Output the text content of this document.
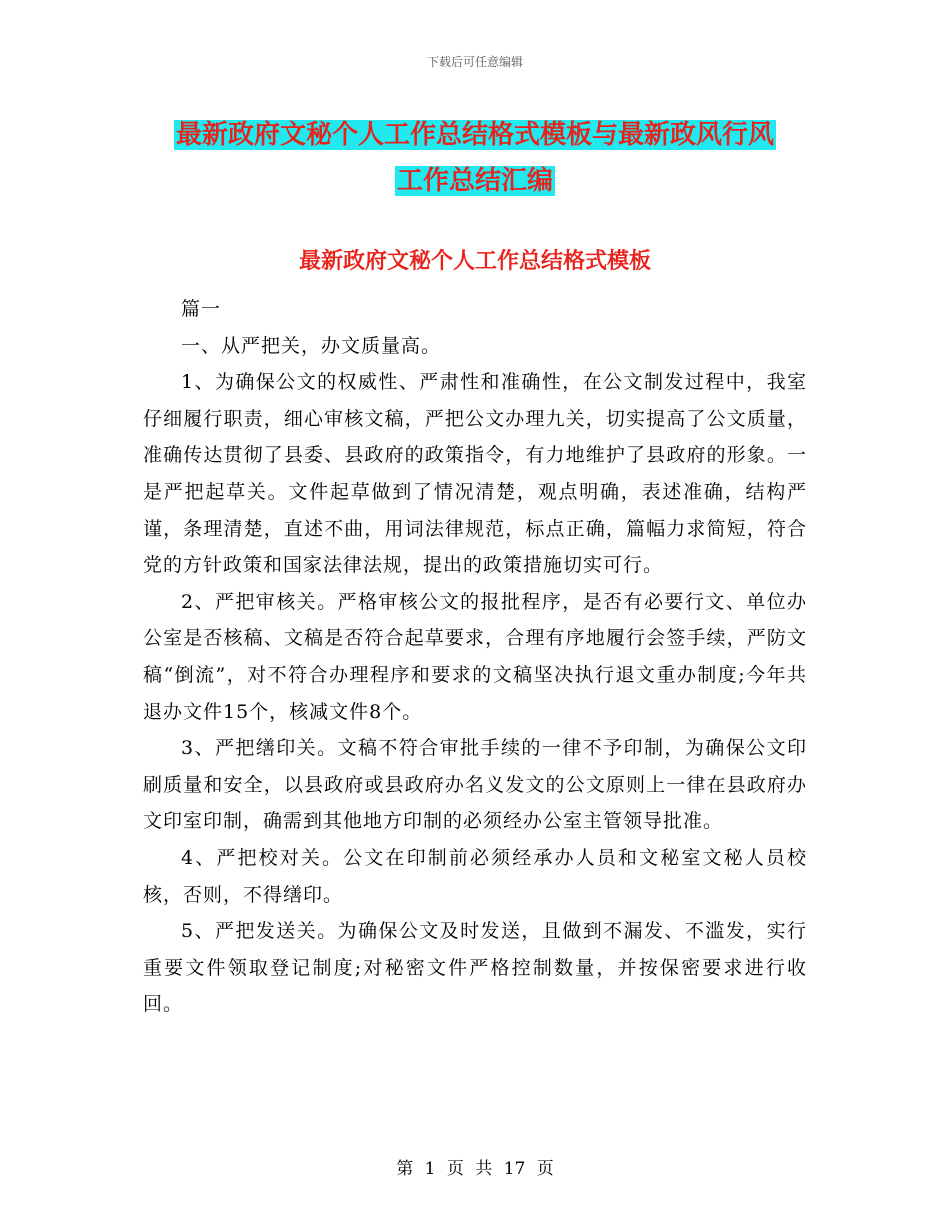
下载后可任意编辑
最新政府文秘个人工作总结格式模板与最新政风行风
工作总结汇编
最新政府文秘个人工作总结格式模板

篇一

一、从严把关，办文质量高。

1、为确保公文的权威性、严肃性和准确性，在公文制发过程中，我室仔细履行职责，细心审核文稿，严把公文办理九关，切实提高了公文质量，准确传达贯彻了县委、县政府的政策指令，有力地维护了县政府的形象。一是严把起草关。文件起草做到了情况清楚，观点明确，表述准确，结构严谨，条理清楚，直述不曲，用词法律规范，标点正确，篇幅力求简短，符合党的方针政策和国家法律法规，提出的政策措施切实可行。

2、严把审核关。严格审核公文的报批程序，是否有必要行文、单位办公室是否核稿、文稿是否符合起草要求，合理有序地履行会签手续，严防文稿“倒流”，对不符合办理程序和要求的文稿坚决执行退文重办制度;今年共退办文件15个，核减文件8个。

3、严把缮印关。文稿不符合审批手续的一律不予印制，为确保公文印刷质量和安全，以县政府或县政府办名义发文的公文原则上一律在县政府办文印室印制，确需到其他地方印制的必须经办公室主管领导批准。

4、严把校对关。公文在印制前必须经承办人员和文秘室文秘人员校核，否则，不得缮印。

5、严把发送关。为确保公文及时发送，且做到不漏发、不滥发，实行重要文件领取登记制度;对秘密文件严格控制数量，并按保密要求进行收回。

第 1 页 共 17 页
